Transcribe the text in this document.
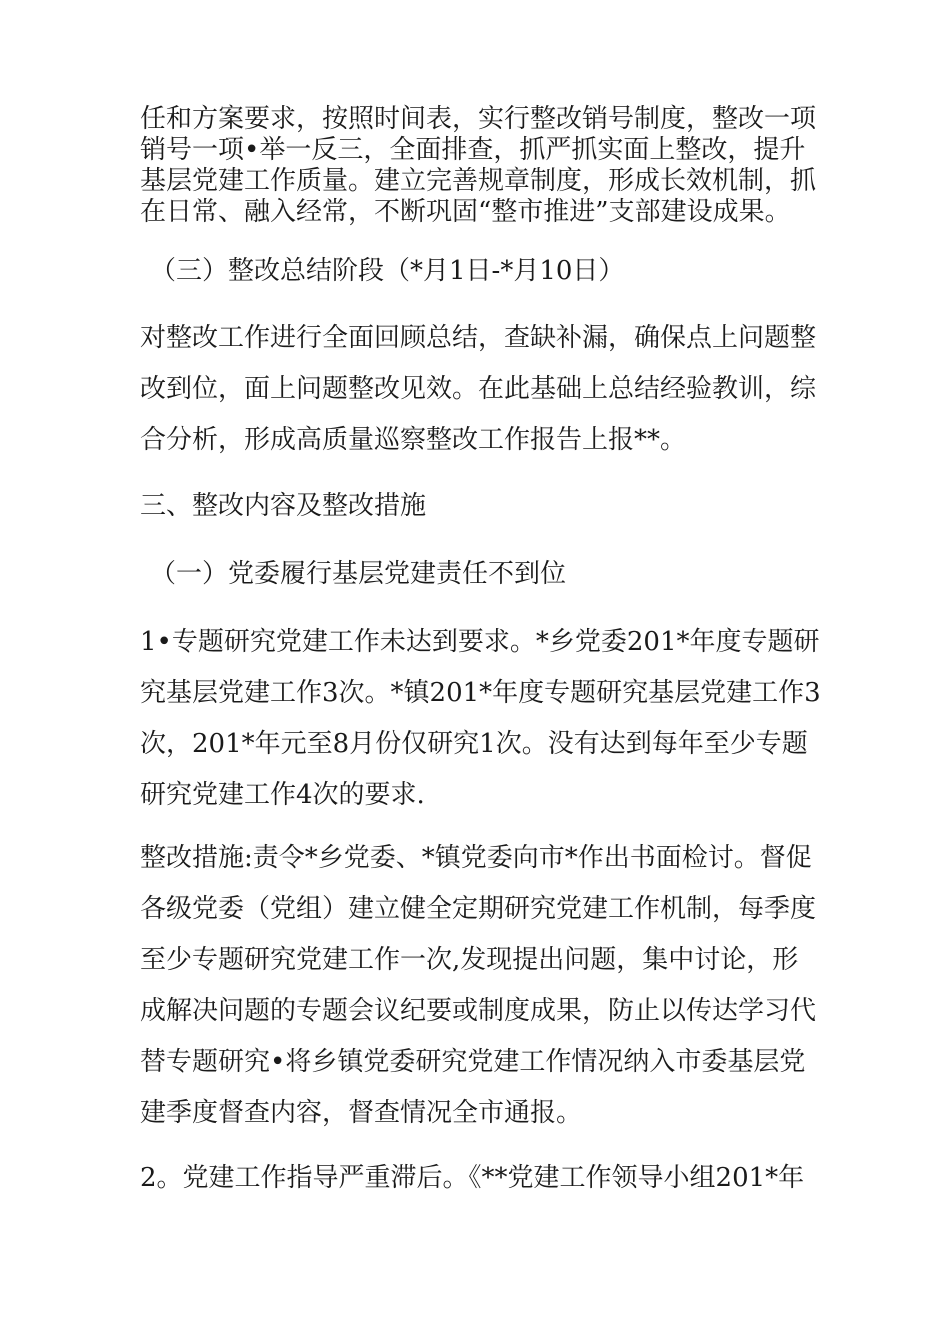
任和方案要求，按照时间表，实行整改销号制度，整改一项
销号一项•举一反三，全面排查，抓严抓实面上整改，提升
基层党建工作质量。建立完善规章制度，形成长效机制，抓
在日常、融入经常，不断巩固“整市推进”支部建设成果。
（三）整改总结阶段（*月1日-*月10日）
对整改工作进行全面回顾总结，查缺补漏，确保点上问题整
改到位，面上问题整改见效。在此基础上总结经验教训，综
合分析，形成高质量巡察整改工作报告上报**。
三、整改内容及整改措施
（一）党委履行基层党建责任不到位
1•专题研究党建工作未达到要求。*乡党委201*年度专题研
究基层党建工作3次。*镇201*年度专题研究基层党建工作3
次，201*年元至8月份仅研究1次。没有达到每年至少专题
研究党建工作4次的要求.
整改措施:责令*乡党委、*镇党委向市*作出书面检讨。督促
各级党委（党组）建立健全定期研究党建工作机制，每季度
至少专题研究党建工作一次,发现提出问题，集中讨论，形
成解决问题的专题会议纪要或制度成果，防止以传达学习代
替专题研究•将乡镇党委研究党建工作情况纳入市委基层党
建季度督查内容，督查情况全市通报。
2。党建工作指导严重滞后。《**党建工作领导小组201*年
